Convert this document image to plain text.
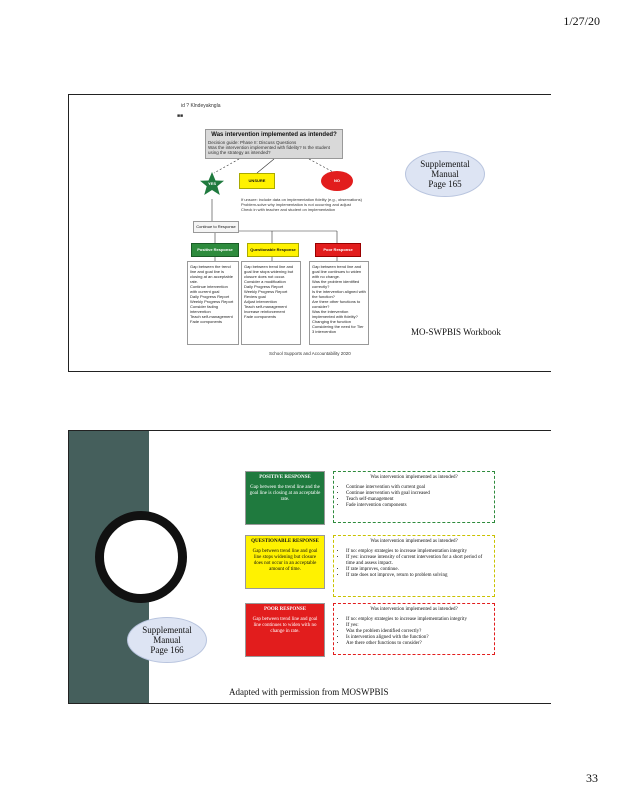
1/27/20
id ? Klndeyakngla
■■
Was intervention implemented as intended?
Decision guide: Phase II: Discuss Questions
Was the intervention implemented with fidelity? Is the student using the strategy as intended?
YES
UNSURE	NO
If unsure: include data on implementation fidelity (e.g., observations)
Problem-solve why implementation is not occurring and adjust
Check in with teacher and student on implementation
Continue to Response
Positive Response	Questionable Response	Poor Response
Gap between the trend line and goal line is closing at an acceptable rate.
Continue intervention with current goal
Daily Progress Report
Weekly Progress Report
Consider fading intervention
Teach self-management
Fade components
Gap between trend line and goal line stops widening but closure does not occur.
Consider a modification
Daily Progress Report
Weekly Progress Report
Review goal
Adjust intervention
Teach self-management
Increase reinforcement
Fade components
Gap between trend line and goal line continues to widen with no change.
Was the problem identified correctly?
Is the intervention aligned with the function?
Are there other functions to consider?
Was the intervention implemented with fidelity?
Changing the function
Considering the need for Tier 3 intervention
School Supports and Accountability 2020
Supplemental
Manual
Page 165
MO-SWPBIS Workbook
Supplemental
Manual
Page 166
POSITIVE RESPONSE
Gap between the trend line and the goal line is closing at an acceptable rate.
QUESTIONABLE RESPONSE
Gap between trend line and goal line stops widening but closure does not occur in an acceptable amount of time.
POOR RESPONSE
Gap between trend line and goal line continues to widen with no change in rate.
Was intervention implemented as intended?
• Continue intervention with current goal
• Continue intervention with goal increased
• Teach self-management
• Fade intervention components
Was intervention implemented as intended?
• If no: employ strategies to increase implementation integrity
• If yes: increase intensity of current intervention for a short period of time and assess impact.
• If rate improves, continue.
• If rate does not improve, return to problem solving
Was intervention implemented as intended?
• If no: employ strategies to increase implementation integrity
• If yes:
• Was the problem identified correctly?
• Is intervention aligned with the function?
• Are there other functions to consider?
Adapted with permission from MOSWPBIS
33
